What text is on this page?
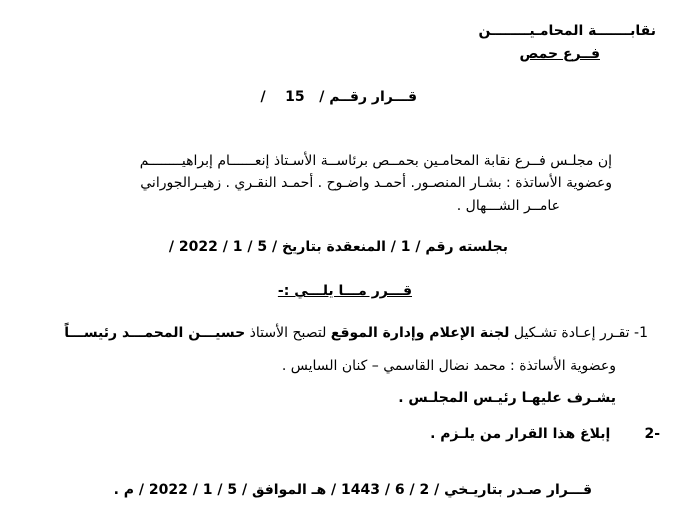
نقابـــــــة المحامـيــــــــن
فــرع حمص
قـــرار رقــم /   15    /
إن مجلـس فــرع نقابة المحامـين بحمــص برئاســة الأسـتاذ إنعــــــام إبراهيــــــــم
وعضوية الأساتذة : بشـار المنصـور. أحمـد واضـوح . أحمـد النقـري . زهيـرالجوراني
عامــر الشـــهال .
بجلسته رقم / 1 / المنعقدة بتاريخ / 5 / 1 / 2022 /
قـــرر مـــا يلـــي :-
1- تقـرر إعـادة تشـكيل لجنة الإعلام وإدارة الموقع لتصبح الأستاذ حسيـــن المحمـــد رئيســـاً
وعضوية الأساتذة : محمد نضال القاسمي – كنان السايس .
يشـرف عليهـا رئيـس المجلـس .
-2       إبلاغ هذا القرار من يلـزم .
قـــرار صـدر بتاريـخي / 2 / 6 / 1443 / هـ الموافق / 5 / 1 / 2022 / م .
